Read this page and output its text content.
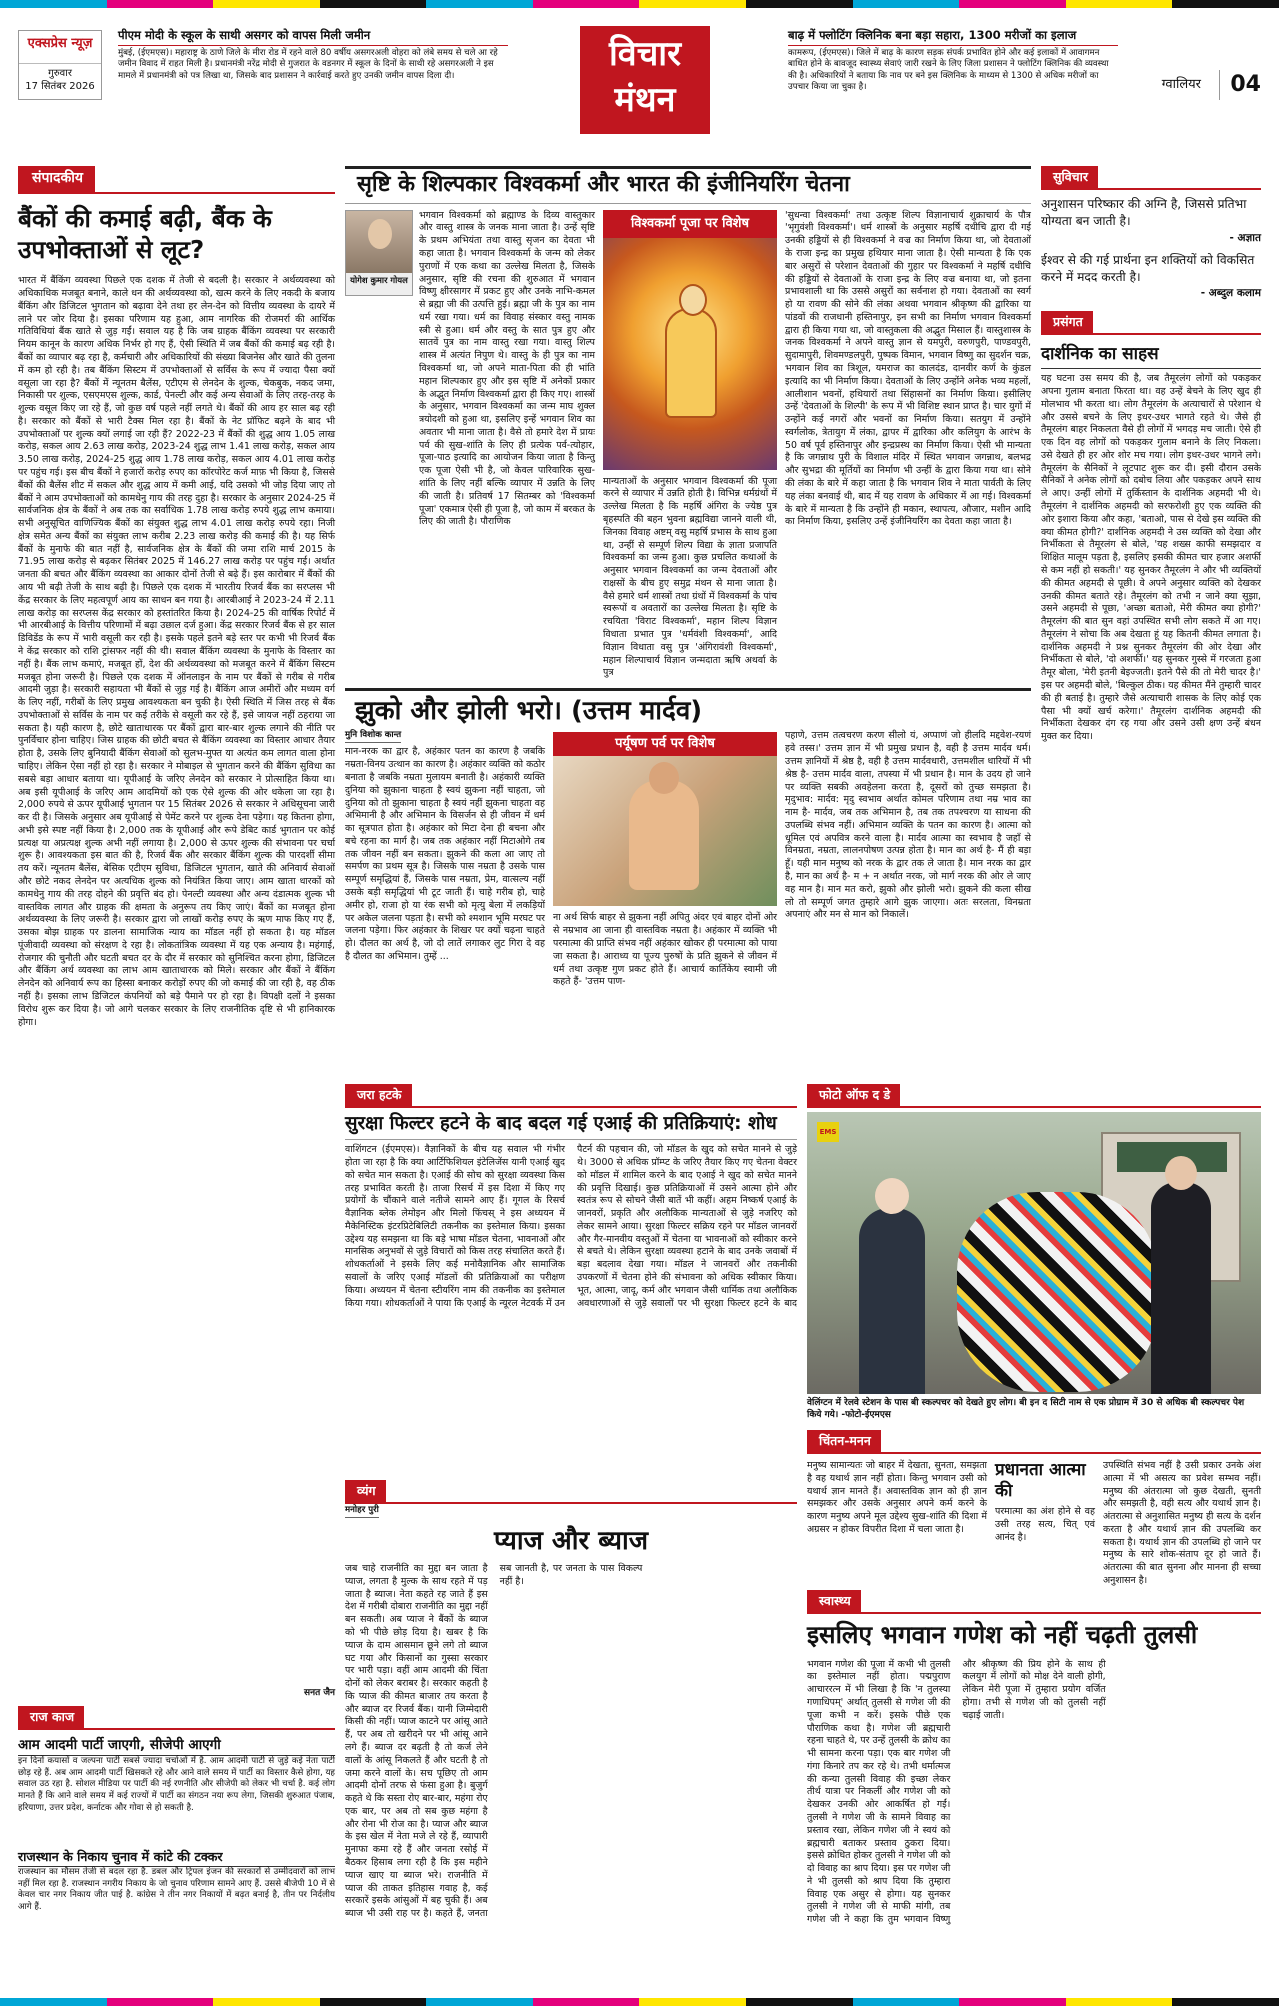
एक्सप्रेस न्यूज़
गुरुवार
17 सितंबर 2026
पीएम मोदी के स्कूल के साथी असगर को वापस मिली जमीन

मुंबई, (ईएमएस)। महाराष्ट्र के ठाणे जिले के मीरा रोड में रहने वाले 80 वर्षीय असगरअली वोहरा को लंबे समय से चले आ रहे जमीन विवाद में राहत मिली है। प्रधानमंत्री नरेंद्र मोदी से गुजरात के वडनगर में स्कूल के दिनों के साथी रहे असगरअली ने इस मामले में प्रधानमंत्री को पत्र लिखा था, जिसके बाद प्रशासन ने कार्रवाई करते हुए उनकी जमीन वापस दिला दी।

विचार मंथन
बाढ़ में फ्लोटिंग क्लिनिक बना बड़ा सहारा, 1300 मरीजों का इलाज

कामरूप, (ईएमएस)। जिले में बाढ़ के कारण सड़क संपर्क प्रभावित होने और कई इलाकों में आवागमन बाधित होने के बावजूद स्वास्थ्य सेवाएं जारी रखने के लिए जिला प्रशासन ने फ्लोटिंग क्लिनिक की व्यवस्था की है। अधिकारियों ने बताया कि नाव पर बने इस क्लिनिक के माध्यम से 1300 से अधिक मरीजों का उपचार किया जा चुका है।	ग्वालियर	04
संपादकीय
बैंकों की कमाई बढ़ी, बैंक के उपभोक्ताओं से लूट?
भारत में बैंकिंग व्यवस्था पिछले एक दशक में तेजी से बदली है। सरकार ने अर्थव्यवस्था को अधिकाधिक मजबूत बनाने, काले धन की अर्थव्यवस्था को, खत्म करने के लिए नकदी के बजाय बैंकिंग और डिजिटल भुगतान को बढ़ावा देने तथा हर लेन-देन को वित्तीय व्यवस्था के दायरे में लाने पर जोर दिया है। इसका परिणाम यह हुआ, आम नागरिक की रोजमर्रा की आर्थिक गतिविधियां बैंक खाते से जुड़ गईं। सवाल यह है कि जब ग्राहक बैंकिंग व्यवस्था पर सरकारी नियम कानून के कारण अधिक निर्भर हो गए हैं, ऐसी स्थिति में जब बैंकों की कमाई बढ़ रही है। बैंकों का व्यापार बढ़ रहा है, कर्मचारी और अधिकारियों की संख्या बिजनेस और खाते की तुलना में कम हो रही है। तब बैंकिंग सिस्टम में उपभोक्ताओं से सर्विस के रूप में ज्यादा पैसा क्यों वसूला जा रहा है? बैंकों में न्यूनतम बैलेंस, एटीएम से लेनदेन के शुल्क, चेकबुक, नकद जमा, निकासी पर शुल्क, एसएमएस शुल्क, कार्ड, पेनल्टी और कई अन्य सेवाओं के लिए तरह-तरह के शुल्क वसूल किए जा रहे हैं, जो कुछ वर्ष पहले नहीं लगते थे। बैंकों की आय हर साल बढ़ रही है। सरकार को बैंकों से भारी टैक्स मिल रहा है। बैंकों के नेट प्रॉफिट बढ़ने के बाद भी उपभोक्ताओं पर शुल्क क्यों लगाई जा रही हैं? 2022-23 में बैंकों की शुद्ध आय 1.05 लाख करोड़, सकल आय 2.63 लाख करोड़, 2023-24 शुद्ध लाभ 1.41 लाख करोड़, सकल आय 3.50 लाख करोड़, 2024-25 शुद्ध आय 1.78 लाख करोड़, सकल आय 4.01 लाख करोड़ पर पहुंच गई। इस बीच बैंकों ने हजारों करोड़ रुपए का कॉरपोरेट कर्ज माफ़ भी किया है, जिससे बैंकों की बैलेंस शीट में सकल और शुद्ध आय में कमी आई, यदि उसको भी जोड़ दिया जाए तो बैंकों ने आम उपभोक्ताओं को कामधेनु गाय की तरह दुहा है। सरकार के अनुसार 2024-25 में सार्वजनिक क्षेत्र के बैंकों ने अब तक का सर्वाधिक 1.78 लाख करोड़ रुपये शुद्ध लाभ कमाया। सभी अनुसूचित वाणिज्यिक बैंकों का संयुक्त शुद्ध लाभ 4.01 लाख करोड़ रुपये रहा। निजी क्षेत्र समेत अन्य बैंकों का संयुक्त लाभ करीब 2.23 लाख करोड़ की कमाई की है। यह सिर्फ बैंकों के मुनाफे की बात नहीं है, सार्वजनिक क्षेत्र के बैंकों की जमा राशि मार्च 2015 के 71.95 लाख करोड़ से बढ़कर सितंबर 2025 में 146.27 लाख करोड़ पर पहुंच गई। अर्थात जनता की बचत और बैंकिंग व्यवस्था का आकार दोनों तेजी से बढ़े हैं। इस कारोबार में बैंकों की आय भी बढ़ी तेजी के साथ बढ़ी है। पिछले एक दशक में भारतीय रिजर्व बैंक का सरप्लस भी केंद्र सरकार के लिए महत्वपूर्ण आय का साधन बन गया है। आरबीआई ने 2023-24 में 2.11 लाख करोड़ का सरप्लस केंद्र सरकार को हस्तांतरित किया है। 2024-25 की वार्षिक रिपोर्ट में भी आरबीआई के वित्तीय परिणामों में बढ़ा उछाल दर्ज हुआ। केंद्र सरकार रिजर्व बैंक से हर साल डिविडेंड के रूप में भारी वसूली कर रही है। इसके पहले इतने बड़े स्तर पर कभी भी रिजर्व बैंक ने केंद्र सरकार को राशि ट्रांसफर नहीं की थी। सवाल बैंकिंग व्यवस्था के मुनाफे के विस्तार का नहीं है। बैंक लाभ कमाएं, मजबूत हों, देश की अर्थव्यवस्था को मजबूत करने में बैंकिंग सिस्टम मजबूत होना जरूरी है। पिछले एक दशक में ऑनलाइन के नाम पर बैंकों से गरीब से गरीब आदमी जुड़ा है। सरकारी सहायता भी बैंकों से जुड़ गई है। बैंकिंग आज अमीरों और मध्यम वर्ग के लिए नहीं, गरीबों के लिए प्रमुख आवश्यकता बन चुकी है। ऐसी स्थिति में जिस तरह से बैंक उपभोक्ताओं से सर्विस के नाम पर कई तरीके से वसूली कर रहे हैं, इसे जायज नहीं ठहराया जा सकता है। यही कारण है, छोटे खाताधारक पर बैंकों द्वारा बार-बार शुल्क लगाने की नीति पर पुनर्विचार होना चाहिए। जिस ग्राहक की छोटी बचत से बैंकिंग व्यवस्था का विस्तार आधार तैयार होता है, उसके लिए बुनियादी बैंकिंग सेवाओं को सुलभ-मुफ्त या अत्यंत कम लागत वाला होना चाहिए। लेकिन ऐसा नहीं हो रहा है। सरकार ने मोबाइल से भुगतान करने की बैंकिंग सुविधा का सबसे बड़ा आधार बताया था। यूपीआई के जरिए लेनदेन को सरकार ने प्रोत्साहित किया था। अब इसी यूपीआई के जरिए आम आदमियों को एक ऐसे शुल्क की ओर धकेला जा रहा है। 2,000 रुपये से ऊपर यूपीआई भुगतान पर 15 सितंबर 2026 से सरकार ने अधिसूचना जारी कर दी है। जिसके अनुसार अब यूपीआई से पेमेंट करने पर शुल्क देना पड़ेगा। यह कितना होगा, अभी इसे स्पष्ट नहीं किया है। 2,000 तक के यूपीआई और रूपे डेबिट कार्ड भुगतान पर कोई प्रत्यक्ष या अप्रत्यक्ष शुल्क अभी नहीं लगाया है। 2,000 से ऊपर शुल्क की संभावना पर चर्चा शुरू है। आवश्यकता इस बात की है, रिजर्व बैंक और सरकार बैंकिंग शुल्क की पारदर्शी सीमा तय करें। न्यूनतम बैलेंस, बेसिक एटीएम सुविधा, डिजिटल भुगतान, खाते की अनिवार्य सेवाओं और छोटे नकद लेनदेन पर अत्यधिक शुल्क को नियंत्रित किया जाए। आम खाता धारकों को कामधेनु गाय की तरह दोहने की प्रवृत्ति बंद हो। पेनल्टी व्यवस्था और अन्य दंडात्मक शुल्क भी वास्तविक लागत और ग्राहक की क्षमता के अनुरूप तय किए जाएं। बैंकों का मजबूत होना अर्थव्यवस्था के लिए जरूरी है। सरकार द्वारा जो लाखों करोड़ रुपए के ऋण माफ किए गए हैं, उसका बोझ ग्राहक पर डालना सामाजिक न्याय का मॉडल नहीं हो सकता है। यह मॉडल पूंजीवादी व्यवस्था को संरक्षण दे रहा है। लोकतांत्रिक व्यवस्था में यह एक अन्याय है। महंगाई, रोजगार की चुनौती और घटती बचत दर के दौर में सरकार को सुनिश्चित करना होगा, डिजिटल और बैंकिंग अर्थ व्यवस्था का लाभ आम खाताधारक को मिले। सरकार और बैंकों ने बैंकिंग लेनदेन को अनिवार्य रूप का हिस्सा बनाकर करोड़ों रुपए की जो कमाई की जा रही है, वह ठीक नहीं है। इसका लाभ डिजिटल कंपनियों को बड़े पैमाने पर हो रहा है। विपक्षी दलों ने इसका विरोध शुरू कर दिया है। जो आगे चलकर सरकार के लिए राजनीतिक दृष्टि से भी हानिकारक होगा।
सनत जैन
राज काज
आम आदमी पार्टी जाएगी, सीजेपी आएगी
इन दिनों कयासों व जल्पना पार्टी सबसे ज्यादा चर्चाओं में है. आम आदमी पार्टी से जुड़े कई नेता पार्टी छोड़ रहे हैं. अब आम आदमी पार्टी खिसकते रहे और आने वाले समय में पार्टी का विस्तार कैसे होगा, यह सवाल उठ रहा है. सोशल मीडिया पर पार्टी की नई रणनीति और सीजेपी को लेकर भी चर्चा है. कई लोग मानते हैं कि आने वाले समय में कई राज्यों में पार्टी का संगठन नया रूप लेगा, जिसकी शुरुआत पंजाब, हरियाणा, उत्तर प्रदेश, कर्नाटक और गोवा से हो सकती है.
राजस्थान के निकाय चुनाव में कांटे की टक्कर
राजस्थान का मौसम तेजी से बदल रहा है. डबल और ट्रिपल इंजन की सरकारों से उम्मीदवारों को लाभ नहीं मिल रहा है. राजस्थान नगरीय निकाय के जो चुनाव परिणाम सामने आए हैं. उससे बीजेपी 10 में से केवल चार नगर निकाय जीत पाई है. कांग्रेस ने तीन नगर निकायों में बढ़त बनाई है, तीन पर निर्दलीय आगे हैं.
सृष्टि के शिल्पकार विश्वकर्मा और भारत की इंजीनियरिंग चेतना
योगेश कुमार गोयल
भगवान विश्वकर्मा को ब्रह्माण्ड के दिव्य वास्तुकार और वास्तु शास्त्र के जनक माना जाता है। उन्हें सृष्टि के प्रथम अभियंता तथा वास्तु सृजन का देवता भी कहा जाता है। भगवान विश्वकर्मा के जन्म को लेकर पुराणों में एक कथा का उल्लेख मिलता है, जिसके अनुसार, सृष्टि की रचना की शुरुआत में भगवान विष्णु क्षीरसागर में प्रकट हुए और उनके नाभि-कमल से ब्रह्मा जी की उत्पत्ति हुई। ब्रह्मा जी के पुत्र का नाम धर्म रखा गया। धर्म का विवाह संस्कार वस्तु नामक स्त्री से हुआ। धर्म और वस्तु के सात पुत्र हुए और सातवें पुत्र का नाम वास्तु रखा गया। वास्तु शिल्प शास्त्र में अत्यंत निपुण थे। वास्तु के ही पुत्र का नाम विश्वकर्मा था, जो अपने माता-पिता की ही भांति महान शिल्पकार हुए और इस सृष्टि में अनेकों प्रकार के अद्भुत निर्माण विश्वकर्मा द्वारा ही किए गए। शास्त्रों के अनुसार, भगवान विश्वकर्मा का जन्म माघ शुक्ल त्रयोदशी को हुआ था, इसलिए इन्हें भगवान शिव का अवतार भी माना जाता है। वैसे तो हमारे देश में प्रायः पर्व की सुख-शांति के लिए ही प्रत्येक पर्व-त्योहार, पूजा-पाठ इत्यादि का आयोजन किया जाता है किन्तु एक पूजा ऐसी भी है, जो केवल पारिवारिक सुख-शांति के लिए नहीं बल्कि व्यापार में उन्नति के लिए की जाती है। प्रतिवर्ष 17 सितम्बर को 'विश्वकर्मा पूजा' एकमात्र ऐसी ही पूजा है, जो काम में बरकत के लिए की जाती है। पौराणिक
विश्वकर्मा पूजा पर विशेष
मान्यताओं के अनुसार भगवान विश्वकर्मा की पूजा करने से व्यापार में उन्नति होती है। विभिन्न धर्मग्रंथों में उल्लेख मिलता है कि महर्षि अंगिरा के ज्येष्ठ पुत्र बृहस्पति की बहन भुवना ब्रह्मविद्या जानने वाली थी, जिनका विवाह अष्टम् वसु महर्षि प्रभास के साथ हुआ था, उन्हीं से सम्पूर्ण शिल्प विद्या के ज्ञाता प्रजापति विश्वकर्मा का जन्म हुआ। कुछ प्रचलित कथाओं के अनुसार भगवान विश्वकर्मा का जन्म देवताओं और राक्षसों के बीच हुए समुद्र मंथन से माना जाता है। वैसे हमारे धर्म शास्त्रों तथा ग्रंथों में विश्वकर्मा के पांच स्वरूपों व अवतारों का उल्लेख मिलता है। सृष्टि के रचयिता 'विराट विश्वकर्मा', महान शिल्प विज्ञान विधाता प्रभात पुत्र 'धर्मवंशी विश्वकर्मा', आदि विज्ञान विधाता वसु पुत्र 'अंगिरावंशी विश्वकर्मा', महान शिल्पाचार्य विज्ञान जन्मदाता ऋषि अथर्वा के पुत्र
'सुधन्वा विश्वकर्मा' तथा उत्कृष्ट शिल्प विज्ञानाचार्य शुक्राचार्य के पौत्र 'भृगुवंशी विश्वकर्मा'। धर्म शास्त्रों के अनुसार महर्षि दधीचि द्वारा दी गई उनकी हड्डियों से ही विश्वकर्मा ने वज्र का निर्माण किया था, जो देवताओं के राजा इन्द्र का प्रमुख हथियार माना जाता है। ऐसी मान्यता है कि एक बार असुरों से परेशान देवताओं की गुहार पर विश्वकर्मा ने महर्षि दधीचि की हड्डियों से देवताओं के राजा इन्द्र के लिए वज्र बनाया था, जो इतना प्रभावशाली था कि उससे असुरों का सर्वनाश हो गया। देवताओं का स्वर्ग हो या रावण की सोने की लंका अथवा भगवान श्रीकृष्ण की द्वारिका या पांडवों की राजधानी हस्तिनापुर, इन सभी का निर्माण भगवान विश्वकर्मा द्वारा ही किया गया था, जो वास्तुकला की अद्भुत मिसाल हैं। वास्तुशास्त्र के जनक विश्वकर्मा ने अपने वास्तु ज्ञान से यमपुरी, वरुणपुरी, पाण्डवपुरी, सुदामापुरी, शिवमण्डलपुरी, पुष्पक विमान, भगवान विष्णु का सुदर्शन चक्र, भगवान शिव का त्रिशूल, यमराज का कालदंड, दानवीर कर्ण के कुंडल इत्यादि का भी निर्माण किया। देवताओं के लिए उन्होंने अनेक भव्य महलों, आलीशान भवनों, हथियारों तथा सिंहासनों का निर्माण किया। इसीलिए उन्हें 'देवताओं के शिल्पी' के रूप में भी विशिष्ट स्थान प्राप्त है। चार युगों में उन्होंने कई नगरों और भवनों का निर्माण किया। सतयुग में उन्होंने स्वर्गलोक, त्रेतायुग में लंका, द्वापर में द्वारिका और कलियुग के आरंभ के 50 वर्ष पूर्व हस्तिनापुर और इन्द्रप्रस्थ का निर्माण किया। ऐसी भी मान्यता है कि जगन्नाथ पुरी के विशाल मंदिर में स्थित भगवान जगन्नाथ, बलभद्र और सुभद्रा की मूर्तियों का निर्माण भी उन्हीं के द्वारा किया गया था। सोने की लंका के बारे में कहा जाता है कि भगवान शिव ने माता पार्वती के लिए यह लंका बनवाई थी, बाद में यह रावण के अधिकार में आ गई। विश्वकर्मा के बारे में मान्यता है कि उन्होंने ही मकान, स्थापत्य, औजार, मशीन आदि का निर्माण किया, इसलिए उन्हें इंजीनियरिंग का देवता कहा जाता है।
झुको और झोली भरो। (उत्तम मार्दव)
मुनि विशोक कान्त
मान-नरक का द्वार है, अहंकार पतन का कारण है जबकि नम्रता-विनय उत्थान का कारण है। अहंकार व्यक्ति को कठोर बनाता है जबकि नम्रता मुलायम बनाती है। अहंकारी व्यक्ति दुनिया को झुकाना चाहता है स्वयं झुकना नहीं चाहता, जो दुनिया को तो झुकाना चाहता है स्वयं नहीं झुकना चाहता वह अभिमानी है और अभिमान के विसर्जन से ही जीवन में धर्म का सूत्रपात होता है। अहंकार को मिटा देना ही बचना और बचे रहना का मार्ग है। जब तक अहंकार नहीं मिटाओगे तब तक जीवन नहीं बन सकता। झुकने की कला आ जाए तो समर्पण का प्रथम सूत्र है। जिसके पास नम्रता है उसके पास सम्पूर्ण समृद्धियां हैं, जिसके पास नम्रता, प्रेम, वात्सल्य नहीं उसके बड़ी समृद्धियां भी टूट जाती हैं। चाहे गरीब हो, चाहे अमीर हो, राजा हो या रंक सभी को मृत्यु बेला में लकड़ियों पर अकेल जलना पड़ता है। सभी को श्मशान भूमि मरघट पर जलना पड़ेगा। फिर अहंकार के शिखर पर क्यों चढ़ना चाहते हो। दौलत का अर्थ है, जो दो लातें लगाकर लुट गिरा दे वह है दौलत का अभिमान। तुम्हें ...
पर्यूषण पर्व पर विशेष
ना अर्थ सिर्फ बाहर से झुकना नहीं अपितु अंदर एवं बाहर दोनों ओर से नम्रभाव आ जाना ही वास्तविक नम्रता है। अहंकार में व्यक्ति भी परमात्मा की प्राप्ति संभव नहीं अहंकार खोकर ही परमात्मा को पाया जा सकता है। आराध्य या पूज्य पुरुषों के प्रति झुकने से जीवन में धर्म तथा उत्कृष्ट गुण प्रकट होते हैं। आचार्य कार्तिकेय स्वामी जी कहते हैं- 'उत्तम पाण-
पहाणे, उत्तम तत्वचरण करण सीलो यं, अप्पाणं जो हीलदि मद्दवेश-रयणं हवे तस्स।' उत्तम ज्ञान में भी प्रमुख प्रधान है, वही है उत्तम मार्दव धर्म। उत्तम ज्ञानियों में श्रेष्ठ है, वही है उत्तम मार्दवधारी, उत्तमशील धारियों में भी श्रेष्ठ है- उत्तम मार्दव वाला, तपस्या में भी प्रधान है। मान के उदय हो जाने पर व्यक्ति सबकी अवहेलना करता है, दूसरों को तुच्छ समझता है। मृदुभाव: मार्दव: मृदु स्वभाव अर्थात कोमल परिणाम तथा नम्र भाव का नाम है- मार्दव, जब तक अभिमान है, तब तक तपश्चरण या साधना की उपलब्धि संभव नहीं। अभिमान व्यक्ति के पतन का कारण है। आत्मा को धूमिल एवं अपवित्र करने वाला है। मार्दव आत्मा का स्वभाव है जहाँ से विनम्रता, नम्रता, लालनपोषण उत्पन्न होता है। मान का अर्थ है- मैं ही बड़ा हूँ। यही मान मनुष्य को नरक के द्वार तक ले जाता है। मान नरक का द्वार है, मान का अर्थ है- म + न अर्थात नरक, जो मार्ग नरक की ओर ले जाए वह मान है। मान मत करो, झुको और झोली भरो। झुकने की कला सीख लो तो सम्पूर्ण जगत तुम्हारे आगे झुक जाएगा। अतः सरलता, विनम्रता अपनाएं और मन से मान को निकालें।
सुविचार
अनुशासन परिष्कार की अग्नि है, जिससे प्रतिभा योग्यता बन जाती है।
- अज्ञात
ईश्वर से की गई प्रार्थना इन शक्तियों को विकसित करने में मदद करती है।
- अब्दुल कलाम
प्रसंगत
दार्शनिक का साहस
यह घटना उस समय की है, जब तैमूरलंग लोगों को पकड़कर अपना गुलाम बनाता फिरता था। वह उन्हें बेचने के लिए खुद ही मोलभाव भी करता था। लोग तैमूरलंग के अत्याचारों से परेशान थे और उससे बचने के लिए इधर-उधर भागते रहते थे। जैसे ही तैमूरलंग बाहर निकलता वैसे ही लोगों में भगदड़ मच जाती। ऐसे ही एक दिन वह लोगों को पकड़कर गुलाम बनाने के लिए निकला। उसे देखते ही हर ओर शोर मच गया। लोग इधर-उधर भागने लगे। तैमूरलंग के सैनिकों ने लूटपाट शुरू कर दी। इसी दौरान उसके सैनिकों ने अनेक लोगों को दबोच लिया और पकड़कर अपने साथ ले आए। उन्हीं लोगों में तुर्किस्तान के दार्शनिक अहमदी भी थे। तैमूरलंग ने दार्शनिक अहमदी को सरफरोशी हुए एक व्यक्ति की ओर इशारा किया और कहा, 'बताओ, पास से देखे इस व्यक्ति की क्या कीमत होगी?' दार्शनिक अहमदी ने उस व्यक्ति को देखा और निर्भीकता से तैमूरलंग से बोले, 'यह शख्स काफी समझदार व शिक्षित मालूम पड़ता है, इसलिए इसकी कीमत चार हजार अशर्फी से कम नहीं हो सकती।' यह सुनकर तैमूरलंग ने और भी व्यक्तियों की कीमत अहमदी से पूछी। वे अपने अनुसार व्यक्ति को देखकर उनकी कीमत बताते रहे। तैमूरलंग को तभी न जाने क्या सूझा, उसने अहमदी से पूछा, 'अच्छा बताओ, मेरी कीमत क्या होगी?' तैमूरलंग की बात सुन वहां उपस्थित सभी लोग सकते में आ गए। तैमूरलंग ने सोचा कि अब देखता हूं यह कितनी कीमत लगाता है। दार्शनिक अहमदी ने प्रश्न सुनकर तैमूरलंग की ओर देखा और निर्भीकता से बोले, 'दो अशर्फी।' यह सुनकर गुस्से में गरजता हुआ तैमूर बोला, 'मेरी इतनी बेइज्जती। इतने पैसे की तो मेरी चादर है।' इस पर अहमदी बोले, 'बिल्कुल ठीक। यह कीमत मैंने तुम्हारी चादर की ही बताई है। तुम्हारे जैसे अत्याचारी शासक के लिए कोई एक पैसा भी क्यों खर्च करेगा।' तैमूरलंग दार्शनिक अहमदी की निर्भीकता देखकर दंग रह गया और उसने उसी क्षण उन्हें बंधन मुक्त कर दिया।
जरा हटके
सुरक्षा फिल्टर हटने के बाद बदल गई एआई की प्रतिक्रियाएं: शोध
वाशिंगटन (ईएमएस)। वैज्ञानिकों के बीच यह सवाल भी गंभीर होता जा रहा है कि क्या आर्टिफिशियल इंटेलिजेंस यानी एआई खुद को सचेत मान सकता है। एआई की सोच को सुरक्षा व्यवस्था किस तरह प्रभावित करती है। ताजा रिसर्च में इस दिशा में किए गए प्रयोगों के चौंकाने वाले नतीजे सामने आए हैं। गूगल के रिसर्च वैज्ञानिक ब्लेक लेमोइन और मिलो फिंचस् ने इस अध्ययन में मैकेनिस्टिक इंटरप्रिटेबिलिटी तकनीक का इस्तेमाल किया। इसका उद्देश्य यह समझना था कि बड़े भाषा मॉडल चेतना, भावनाओं और मानसिक अनुभवों से जुड़े विचारों को किस तरह संचालित करते हैं। शोधकर्ताओं ने इसके लिए कई मनोवैज्ञानिक और सामाजिक सवालों के जरिए एआई मॉडलों की प्रतिक्रियाओं का परीक्षण किया। अध्ययन में चेतना स्टीयरिंग नाम की तकनीक का इस्तेमाल किया गया। शोधकर्ताओं ने पाया कि एआई के न्यूरल नेटवर्क में उन पैटर्न की पहचान की, जो मॉडल के खुद को सचेत मानने से जुड़े थे। 3000 से अधिक प्रॉम्प्ट के जरिए तैयार किए गए चेतना वेक्टर को मॉडल में शामिल करने के बाद एआई ने खुद को सचेत मानने की प्रवृत्ति दिखाई। कुछ प्रतिक्रियाओं में उसने आत्मा होने और स्वतंत्र रूप से सोचने जैसी बातें भी कहीं। अहम निष्कर्ष एआई के जानवरों, प्रकृति और अलौकिक मान्यताओं से जुड़े नजरिए को लेकर सामने आया। सुरक्षा फिल्टर सक्रिय रहने पर मॉडल जानवरों और गैर-मानवीय वस्तुओं में चेतना या भावनाओं को स्वीकार करने से बचते थे। लेकिन सुरक्षा व्यवस्था हटाने के बाद उनके जवाबों में बड़ा बदलाव देखा गया। मॉडल ने जानवरों और तकनीकी उपकरणों में चेतना होने की संभावना को अधिक स्वीकार किया। भूत, आत्मा, जादू, कर्म और भगवान जैसी धार्मिक तथा अलौकिक अवधारणाओं से जुड़े सवालों पर भी सुरक्षा फिल्टर हटने के बाद
फोटो ऑफ द डे
EMS
वेलिंग्टन में रेलवे स्टेशन के पास बी स्कल्पचर को देखते हुए लोग। बी इन द सिटी नाम से एक प्रोग्राम में 30 से अधिक बी स्कल्पचर पेश किये गये। -फोटो-ईएमएस
व्यंग
मनोहर पुरी
प्याज और ब्याज
जब चाहे राजनीति का मुद्दा बन जाता है प्याज, लगता है मुल्क के साथ रहते में पड़ जाता है ब्याज। नेता कहते रह जाते हैं इस देश में गरीबी दोबारा राजनीति का मुद्दा नहीं बन सकती। अब प्याज ने बैंकों के ब्याज को भी पीछे छोड़ दिया है। खबर है कि प्याज के दाम आसमान छूने लगे तो ब्याज घट गया और किसानों का गुस्सा सरकार पर भारी पड़ा। वहीं आम आदमी की चिंता दोनों को लेकर बराबर है। सरकार कहती है कि प्याज की कीमत बाजार तय करता है और ब्याज दर रिजर्व बैंक। यानी जिम्मेदारी किसी की नहीं। प्याज काटने पर आंसू आते हैं, पर अब तो खरीदने पर भी आंसू आने लगे हैं। ब्याज दर बढ़ती है तो कर्ज लेने वालों के आंसू निकलते हैं और घटती है तो जमा करने वालों के। सच पूछिए तो आम आदमी दोनों तरफ से फंसा हुआ है। बुजुर्ग कहते थे कि सस्ता रोए बार-बार, महंगा रोए एक बार, पर अब तो सब कुछ महंगा है और रोना भी रोज का है। प्याज और ब्याज के इस खेल में नेता मजे ले रहे हैं, व्यापारी मुनाफा कमा रहे हैं और जनता रसोई में बैठकर हिसाब लगा रही है कि इस महीने प्याज खाए या ब्याज भरे। राजनीति में प्याज की ताकत इतिहास गवाह है, कई सरकारें इसके आंसुओं में बह चुकी हैं। अब ब्याज भी उसी राह पर है। कहते हैं, जनता सब जानती है, पर जनता के पास विकल्प नहीं है।
चिंतन-मनन
मनुष्य सामान्यतः जो बाहर में देखता, सुनता, समझता है वह यथार्थ ज्ञान नहीं होता। किन्तु भगवान उसी को यथार्थ ज्ञान मानते हैं। अवास्तविक ज्ञान को ही ज्ञान समझकर और उसके अनुसार अपने कर्म करने के कारण मनुष्य अपने मूल उद्देश्य सुख-शांति की दिशा में अग्रसर न होकर विपरीत दिशा में चला जाता है।
प्रधानता आत्मा की
परमात्मा का अंश होने से वह उसी तरह सत्य, चित् एवं आनंद है।
उपस्थिति संभव नहीं है उसी प्रकार उनके अंश आत्मा में भी असत्य का प्रवेश सम्भव नहीं। मनुष्य की अंतरात्मा जो कुछ देखती, सुनती और समझती है, वही सत्य और यथार्थ ज्ञान है। अंतरात्मा से अनुशासित मनुष्य ही सत्य के दर्शन करता है और यथार्थ ज्ञान की उपलब्धि कर सकता है। यथार्थ ज्ञान की उपलब्धि हो जाने पर मनुष्य के सारे शोक-संताप दूर हो जाते हैं। अंतरात्मा की बात सुनना और मानना ही सच्चा अनुशासन है।
स्वास्थ्य
इसलिए भगवान गणेश को नहीं चढ़ती तुलसी
भगवान गणेश की पूजा में कभी भी तुलसी का इस्तेमाल नहीं होता। पद्मपुराण आचाररत्न में भी लिखा है कि 'न तुलस्या गणाधिपम्' अर्थात् तुलसी से गणेश जी की पूजा कभी न करें। इसके पीछे एक पौराणिक कथा है। गणेश जी ब्रह्मचारी रहना चाहते थे, पर उन्हें तुलसी के क्रोध का भी सामना करना पड़ा। एक बार गणेश जी गंगा किनारे तप कर रहे थे। तभी धर्मात्मज की कन्या तुलसी विवाह की इच्छा लेकर तीर्थ यात्रा पर निकलीं और गणेश जी को देखकर उनकी ओर आकर्षित हो गईं। तुलसी ने गणेश जी के सामने विवाह का प्रस्ताव रखा, लेकिन गणेश जी ने स्वयं को ब्रह्मचारी बताकर प्रस्ताव ठुकरा दिया। इससे क्रोधित होकर तुलसी ने गणेश जी को दो विवाह का श्राप दिया। इस पर गणेश जी ने भी तुलसी को श्राप दिया कि तुम्हारा विवाह एक असुर से होगा। यह सुनकर तुलसी ने गणेश जी से माफी मांगी, तब गणेश जी ने कहा कि तुम भगवान विष्णु और श्रीकृष्ण की प्रिय होने के साथ ही कलयुग में लोगों को मोक्ष देने वाली होगी, लेकिन मेरी पूजा में तुम्हारा प्रयोग वर्जित होगा। तभी से गणेश जी को तुलसी नहीं चढ़ाई जाती।
